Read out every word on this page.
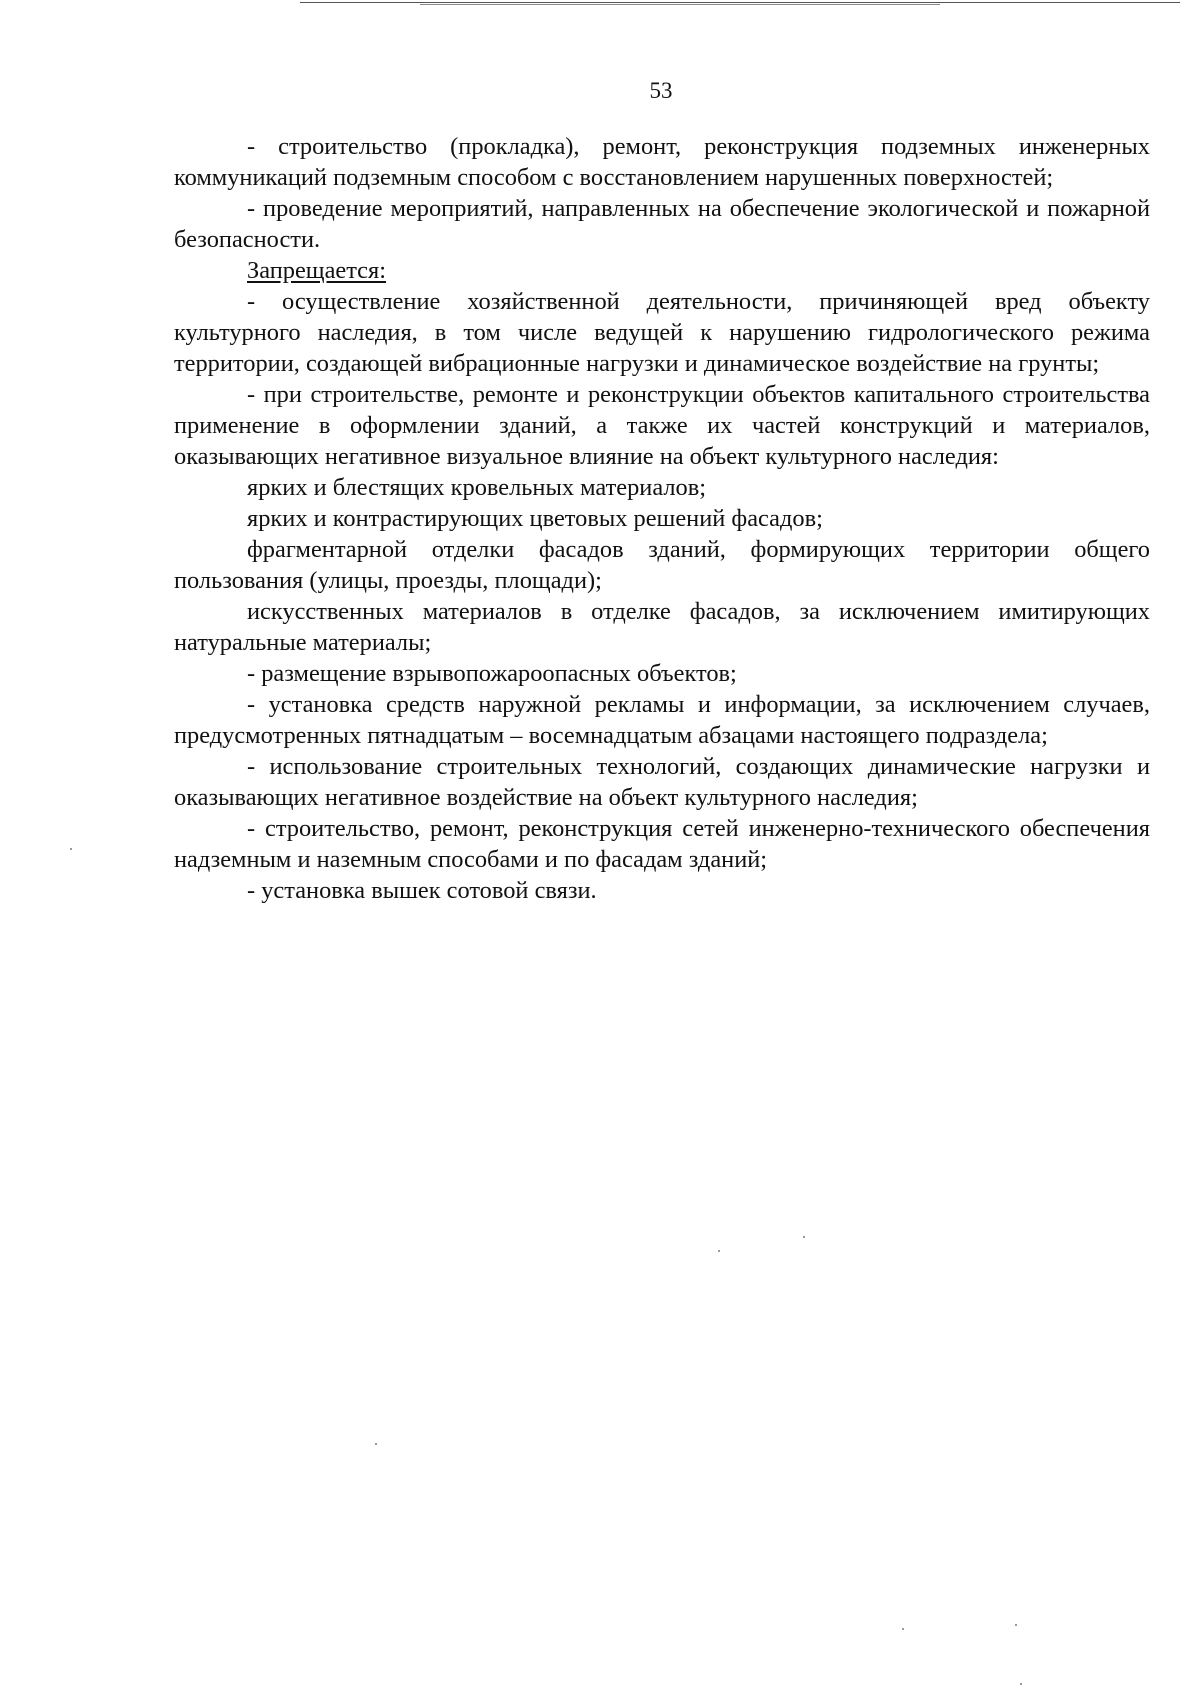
53

- строительство (прокладка), ремонт, реконструкция подземных инженерных коммуникаций подземным способом с восстановлением нарушенных поверхностей;

- проведение мероприятий, направленных на обеспечение экологической и пожарной безопасности.

Запрещается:

- осуществление хозяйственной деятельности, причиняющей вред объекту культурного наследия, в том числе ведущей к нарушению гидрологического режима территории, создающей вибрационные нагрузки и динамическое воздействие на грунты;

- при строительстве, ремонте и реконструкции объектов капитального строительства применение в оформлении зданий, а также их частей конструкций и материалов, оказывающих негативное визуальное влияние на объект культурного наследия:

ярких и блестящих кровельных материалов;

ярких и контрастирующих цветовых решений фасадов;

фрагментарной отделки фасадов зданий, формирующих территории общего пользования (улицы, проезды, площади);

искусственных материалов в отделке фасадов, за исключением имитирующих натуральные материалы;

- размещение взрывопожароопасных объектов;

- установка средств наружной рекламы и информации, за исключением случаев, предусмотренных пятнадцатым – восемнадцатым абзацами настоящего подраздела;

- использование строительных технологий, создающих динамические нагрузки и оказывающих негативное воздействие на объект культурного наследия;

- строительство, ремонт, реконструкция сетей инженерно-технического обеспечения надземным и наземным способами и по фасадам зданий;

- установка вышек сотовой связи.
